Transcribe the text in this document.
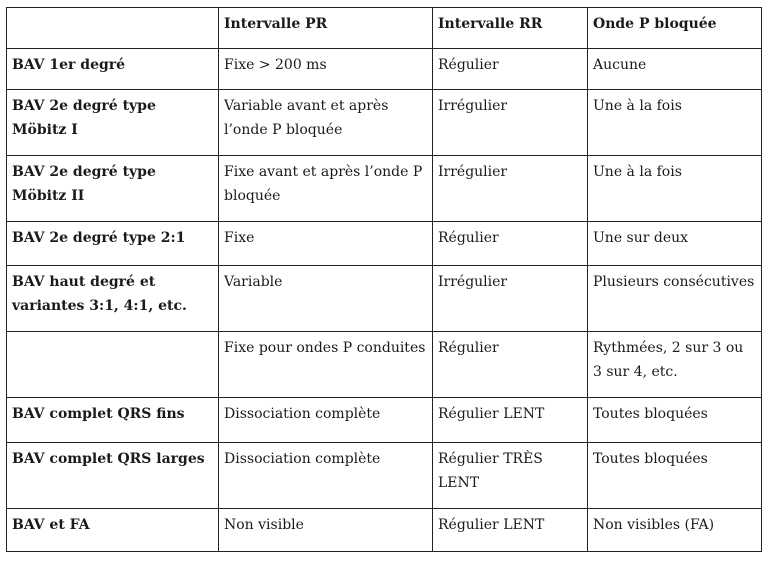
	Intervalle PR	Intervalle RR	Onde P bloquée
BAV 1er degré	Fixe > 200 ms	Régulier	Aucune
BAV 2e degré type Möbitz I	Variable avant et après l’onde P bloquée	Irrégulier	Une à la fois
BAV 2e degré type Möbitz II	Fixe avant et après l’onde P bloquée	Irrégulier	Une à la fois
BAV 2e degré type 2:1	Fixe	Régulier	Une sur deux
BAV haut degré et variantes 3:1, 4:1, etc.	Variable	Irrégulier	Plusieurs consécutives
	Fixe pour ondes P conduites	Régulier	Rythmées, 2 sur 3 ou 3 sur 4, etc.
BAV complet QRS fins	Dissociation complète	Régulier LENT	Toutes bloquées
BAV complet QRS larges	Dissociation complète	Régulier TRÈS LENT	Toutes bloquées
BAV et FA	Non visible	Régulier LENT	Non visibles (FA)
